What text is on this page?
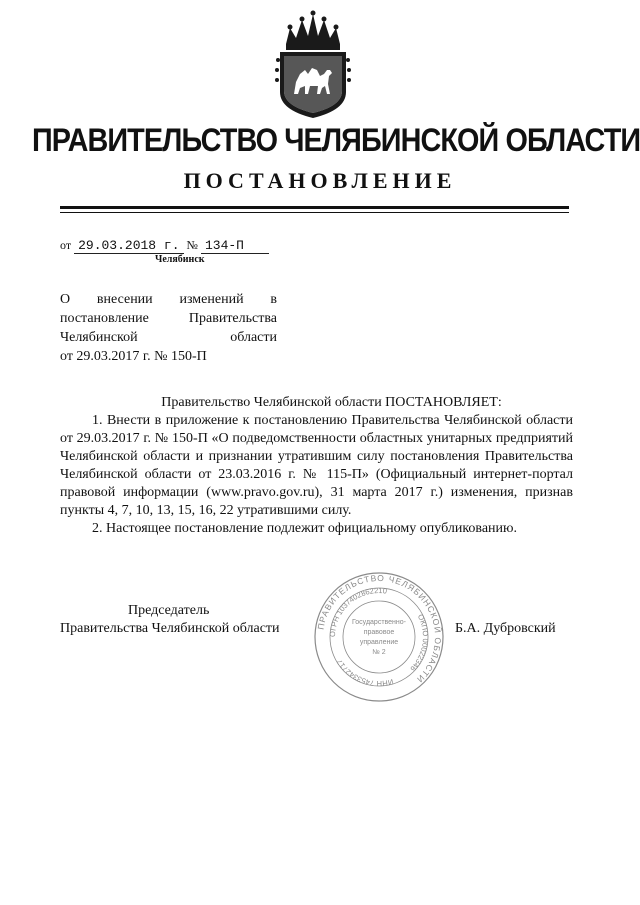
ПРАВИТЕЛЬСТВО ЧЕЛЯБИНСКОЙ ОБЛАСТИ
ПОСТАНОВЛЕНИЕ
от 29.03.2018 г. № 134-П
Челябинск
О внесении изменений в
постановление Правительства
Челябинской области
от 29.03.2017 г. № 150-П

Правительство Челябинской области ПОСТАНОВЛЯЕТ:

1. Внести в приложение к постановлению Правительства Челябинской области от 29.03.2017 г. № 150-П «О подведомственности областных унитарных предприятий Челябинской области и признании утратившим силу постановления Правительства Челябинской области от 23.03.2016 г. № 115-П» (Официальный интернет-портал правовой информации (www.pravo.gov.ru), 31 марта 2017 г.) изменения, признав пункты 4, 7, 10, 13, 15, 16, 22 утратившими силу.

2. Настоящее постановление подлежит официальному опубликованию.

ПРАВИТЕЛЬСТВО ЧЕЛЯБИНСКОЙ ОБЛАСТИ
ОГРН 1037402862210
ОКПО 00022346
ИНН 7453342717
Государственно-
правовое
управление
№ 2
Председатель
Правительства Челябинской области	Б.А. Дубровский
